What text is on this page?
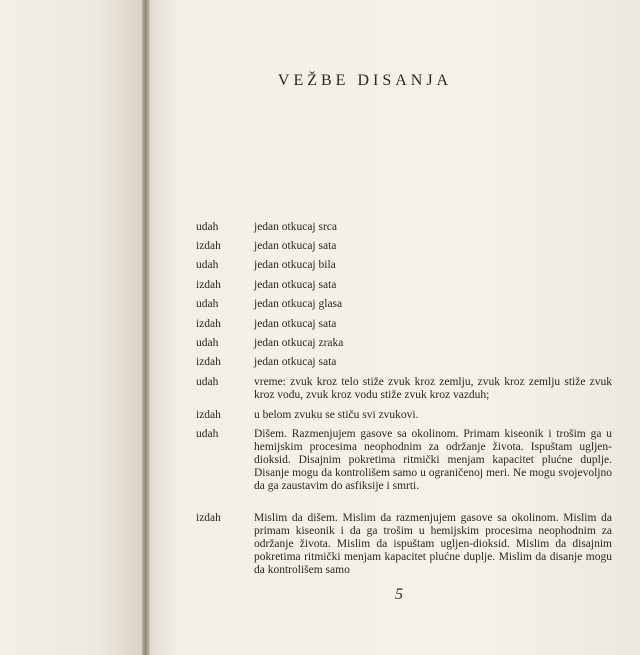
VEŽBE DISANJA
udah	jedan otkucaj srca
izdah	jedan otkucaj sata
udah	jedan otkucaj bila
izdah	jedan otkucaj sata
udah	jedan otkucaj glasa
izdah	jedan otkucaj sata
udah	jedan otkucaj zraka
izdah	jedan otkucaj sata
udah	vreme: zvuk kroz telo stiže zvuk kroz zemlju, zvuk kroz zemlju stiže zvuk kroz vodu, zvuk kroz vodu stiže zvuk kroz vazduh;
izdah	u belom zvuku se stiču svi zvukovi.
udah	Dišem. Razmenjujem gasove sa okolinom. Primam kiseonik i trošim ga u hemijskim procesima neophodnim za održanje života. Ispuštam ugljen-dioksid. Disajnim pokretima ritmički menjam kapacitet plućne duplje. Disanje mogu da kontrolišem samo u ograničenoj meri. Ne mogu svojevoljno da ga zaustavim do asfiksije i smrti.
izdah	Mislim da dišem. Mislim da razmenjujem gasove sa okolinom. Mislim da primam kiseonik i da ga trošim u hemijskim procesima neophodnim za održanje života. Mislim da ispuštam ugljen-dioksid. Mislim da disajnim pokretima ritmički menjam kapacitet plućne duplje. Mislim da disanje mogu da kontrolišem samo
5
